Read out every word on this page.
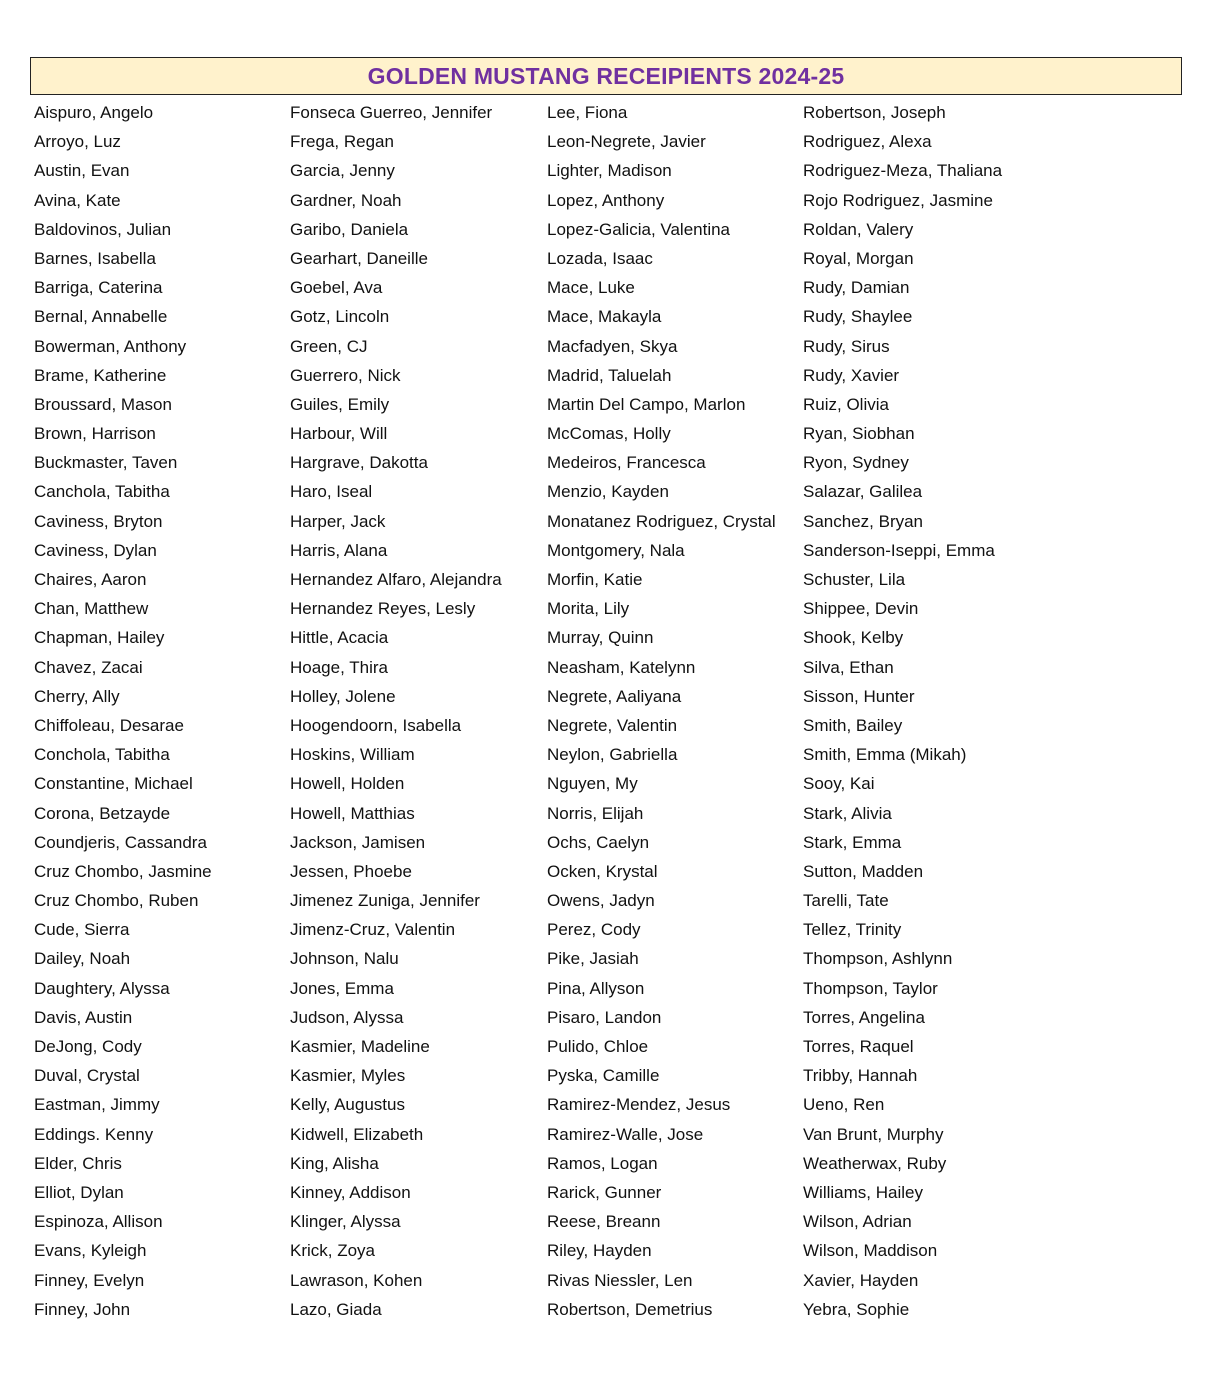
GOLDEN MUSTANG RECEIPIENTS 2024-25
Aispuro, Angelo
Arroyo, Luz
Austin, Evan
Avina, Kate
Baldovinos, Julian
Barnes, Isabella
Barriga, Caterina
Bernal, Annabelle
Bowerman, Anthony
Brame, Katherine
Broussard, Mason
Brown, Harrison
Buckmaster, Taven
Canchola, Tabitha
Caviness, Bryton
Caviness, Dylan
Chaires, Aaron
Chan, Matthew
Chapman, Hailey
Chavez, Zacai
Cherry, Ally
Chiffoleau, Desarae
Conchola, Tabitha
Constantine, Michael
Corona, Betzayde
Coundjeris, Cassandra
Cruz Chombo, Jasmine
Cruz Chombo, Ruben
Cude, Sierra
Dailey, Noah
Daughtery, Alyssa
Davis, Austin
DeJong, Cody
Duval, Crystal
Eastman, Jimmy
Eddings. Kenny
Elder, Chris
Elliot, Dylan
Espinoza, Allison
Evans, Kyleigh
Finney, Evelyn
Finney, John
Fonseca Guerreo, Jennifer
Frega, Regan
Garcia, Jenny
Gardner, Noah
Garibo, Daniela
Gearhart, Daneille
Goebel, Ava
Gotz, Lincoln
Green, CJ
Guerrero, Nick
Guiles, Emily
Harbour, Will
Hargrave, Dakotta
Haro, Iseal
Harper, Jack
Harris, Alana
Hernandez Alfaro, Alejandra
Hernandez Reyes, Lesly
Hittle, Acacia
Hoage, Thira
Holley, Jolene
Hoogendoorn, Isabella
Hoskins, William
Howell, Holden
Howell, Matthias
Jackson, Jamisen
Jessen, Phoebe
Jimenez Zuniga, Jennifer
Jimenz-Cruz, Valentin
Johnson, Nalu
Jones, Emma
Judson, Alyssa
Kasmier, Madeline
Kasmier, Myles
Kelly, Augustus
Kidwell, Elizabeth
King, Alisha
Kinney, Addison
Klinger, Alyssa
Krick, Zoya
Lawrason, Kohen
Lazo, Giada
Lee, Fiona
Leon-Negrete, Javier
Lighter, Madison
Lopez, Anthony
Lopez-Galicia, Valentina
Lozada, Isaac
Mace, Luke
Mace, Makayla
Macfadyen, Skya
Madrid, Taluelah
Martin Del Campo, Marlon
McComas, Holly
Medeiros, Francesca
Menzio, Kayden
Monatanez Rodriguez, Crystal
Montgomery, Nala
Morfin, Katie
Morita, Lily
Murray, Quinn
Neasham, Katelynn
Negrete, Aaliyana
Negrete, Valentin
Neylon, Gabriella
Nguyen, My
Norris, Elijah
Ochs, Caelyn
Ocken, Krystal
Owens, Jadyn
Perez, Cody
Pike, Jasiah
Pina, Allyson
Pisaro, Landon
Pulido, Chloe
Pyska, Camille
Ramirez-Mendez, Jesus
Ramirez-Walle, Jose
Ramos, Logan
Rarick, Gunner
Reese, Breann
Riley, Hayden
Rivas Niessler, Len
Robertson, Demetrius
Robertson, Joseph
Rodriguez, Alexa
Rodriguez-Meza, Thaliana
Rojo Rodriguez, Jasmine
Roldan, Valery
Royal, Morgan
Rudy, Damian
Rudy, Shaylee
Rudy, Sirus
Rudy, Xavier
Ruiz, Olivia
Ryan, Siobhan
Ryon, Sydney
Salazar, Galilea
Sanchez, Bryan
Sanderson-Iseppi, Emma
Schuster, Lila
Shippee, Devin
Shook, Kelby
Silva, Ethan
Sisson, Hunter
Smith, Bailey
Smith, Emma (Mikah)
Sooy, Kai
Stark, Alivia
Stark, Emma
Sutton, Madden
Tarelli, Tate
Tellez, Trinity
Thompson, Ashlynn
Thompson, Taylor
Torres, Angelina
Torres, Raquel
Tribby, Hannah
Ueno, Ren
Van Brunt, Murphy
Weatherwax, Ruby
Williams, Hailey
Wilson, Adrian
Wilson, Maddison
Xavier, Hayden
Yebra, Sophie
